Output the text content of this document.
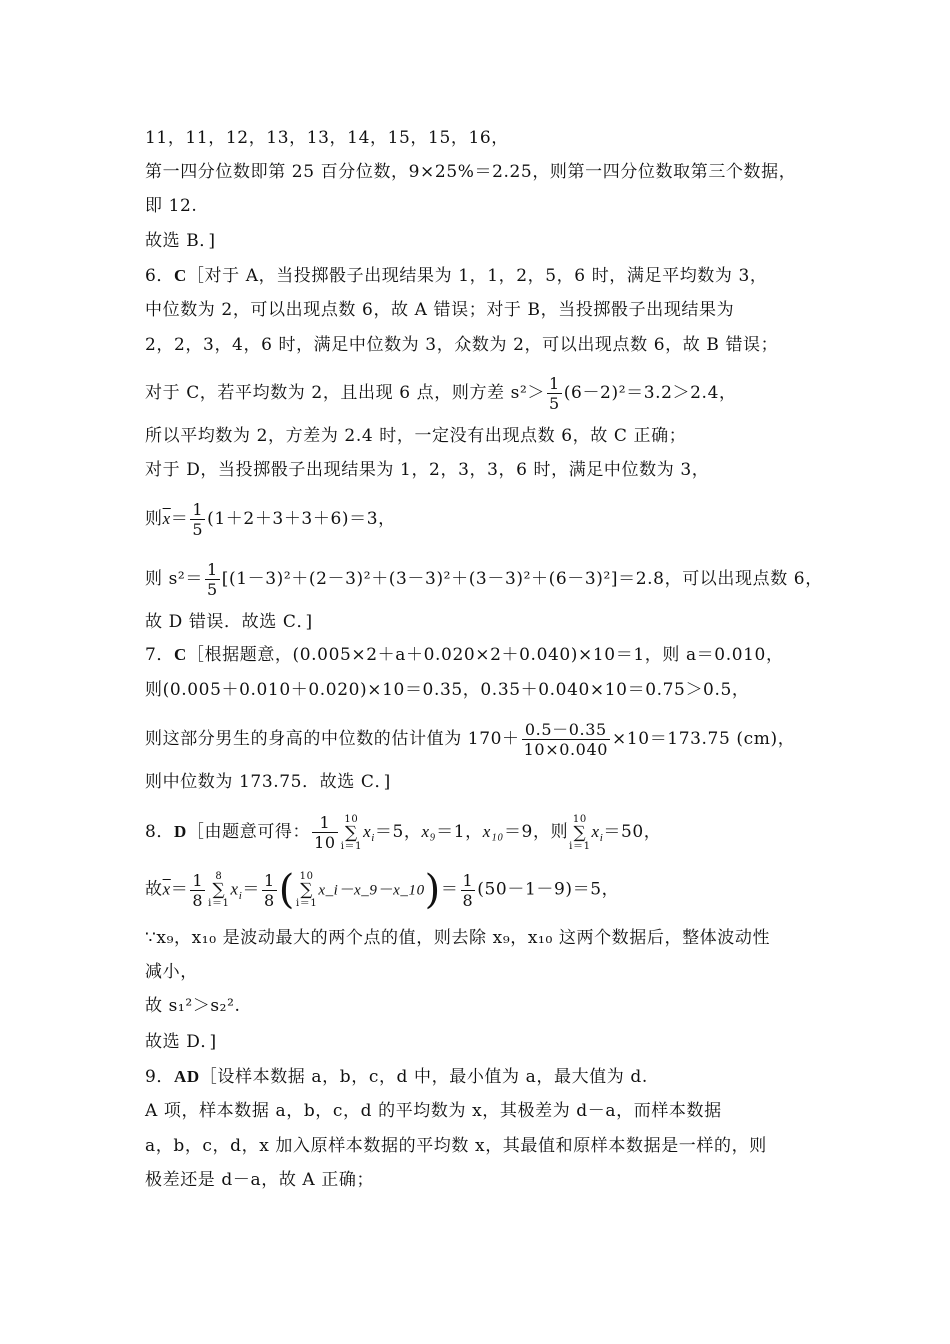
11，11，12，13，13，14，15，15，16，
第一四分位数即第 25 百分位数，9×25%＝2.25，则第一四分位数取第三个数据，
即 12.
故选 B．]
6．C［对于 A，当投掷骰子出现结果为 1，1，2，5，6 时，满足平均数为 3，
中位数为 2，可以出现点数 6，故 A 错误；对于 B，当投掷骰子出现结果为
2，2，3，4，6 时，满足中位数为 3，众数为 2，可以出现点数 6，故 B 错误；
对于 C，若平均数为 2，且出现 6 点，则方差 $s^2> \frac{1}{5} (6-2)^2=3.2>2.4$，
所以平均数为 2，方差为 2.4 时，一定没有出现点数 6，故 C 正确；
对于 D，当投掷骰子出现结果为 1，2，3，3，6 时，满足中位数为 3，
则$\overline{x}= \frac{1}{5} (1+2+3+3+6)=3$，
则 $s^2= \frac{1}{5} [(1-3)^2+(2-3)^2+(3-3)^2+(3-3)^2+(6-3)^2]=2.8$，可以出现点数 6，
故 D 错误．故选 C．]
7．C［根据题意，(0.005×2＋a＋0.020×2＋0.040)×10＝1，则 a＝0.010，
则(0.005＋0.010＋0.020)×10＝0.35，0.35＋0.040×10＝0.75＞0.5，
则这部分男生的身高的中位数的估计值为 $170+ \frac{0.5-0.35}{10\times 0.040} \times 10=173.75$ (cm)，
则中位数为 173.75．故选 C．]
8．D［由题意可得： $\frac{1}{10} 10$
∑
$i=1x_i=5$，x₉＝1，x₁₀＝9，则10
∑
$i=1x_i=50$，
故$\overline{x}= \frac{1}{8} 8$
∑
$i=1x_i= \frac{1}{8}$ ( 10
∑
i＝1x_i－x_9－x_10)＝ $\frac{1}{8} (50-1-9)=5$，
∵x₉，x₁₀ 是波动最大的两个点的值，则去除 x₉，x₁₀ 这两个数据后，整体波动性
减小，
故 s₁²＞s₂².
故选 D．]
9．AD［设样本数据 a，b，c，d 中，最小值为 a，最大值为 d.
A 项，样本数据 a，b，c，d 的平均数为 x，其极差为 d－a，而样本数据
a，b，c，d，x 加入原样本数据的平均数 x，其最值和原样本数据是一样的，则
极差还是 d－a，故 A 正确；
